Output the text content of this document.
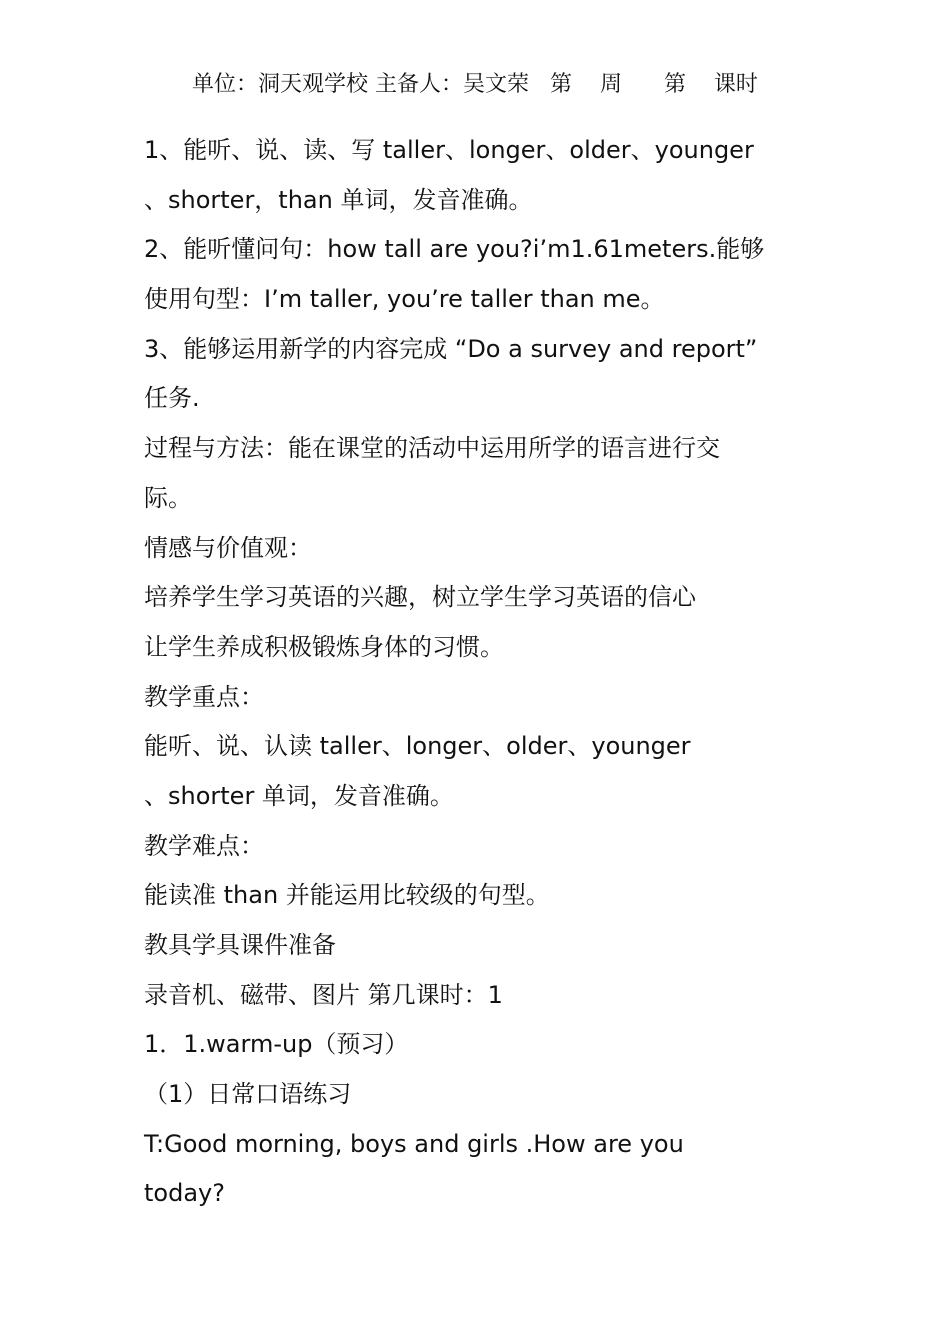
单位：洞天观学校 主备人：吴文荣   第    周      第    课时
1、能听、说、读、写 taller、longer、older、younger
、shorter，than 单词，发音准确。
2、能听懂问句：how tall are you?i’m1.61meters.能够
使用句型：I’m taller, you’re taller than me。
3、能够运用新学的内容完成 “Do a survey and report”
任务.
过程与方法：能在课堂的活动中运用所学的语言进行交
际。
情感与价值观：
培养学生学习英语的兴趣，树立学生学习英语的信心
让学生养成积极锻炼身体的习惯。
教学重点：
能听、说、认读 taller、longer、older、younger
、shorter 单词，发音准确。
教学难点：
能读准 than 并能运用比较级的句型。
教具学具课件准备
录音机、磁带、图片 第几课时：1
1．1.warm-up（预习）
（1）日常口语练习
T:Good morning, boys and girls .How are you
today?
